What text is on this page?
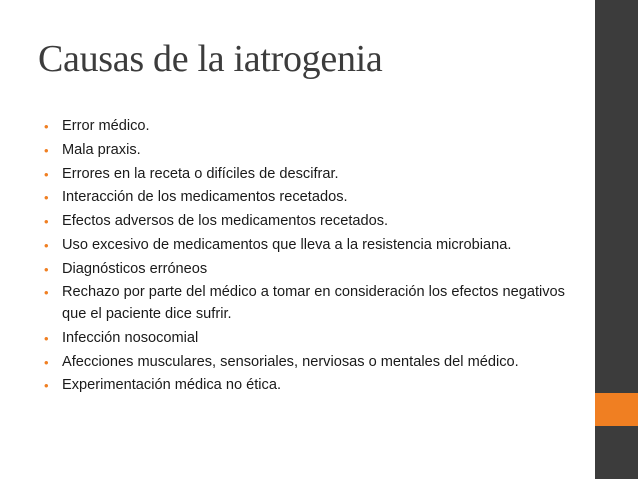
Causas de la iatrogenia
• Error médico.
• Mala praxis.
• Errores en la receta o difíciles de descifrar.
• Interacción de los medicamentos recetados.
• Efectos adversos de los medicamentos recetados.
• Uso excesivo de medicamentos que lleva a la resistencia microbiana.
• Diagnósticos erróneos
• Rechazo por parte del médico a tomar en consideración los efectos negativos que el paciente dice sufrir.
• Infección nosocomial
• Afecciones musculares, sensoriales, nerviosas o mentales del médico.
• Experimentación médica no ética.
